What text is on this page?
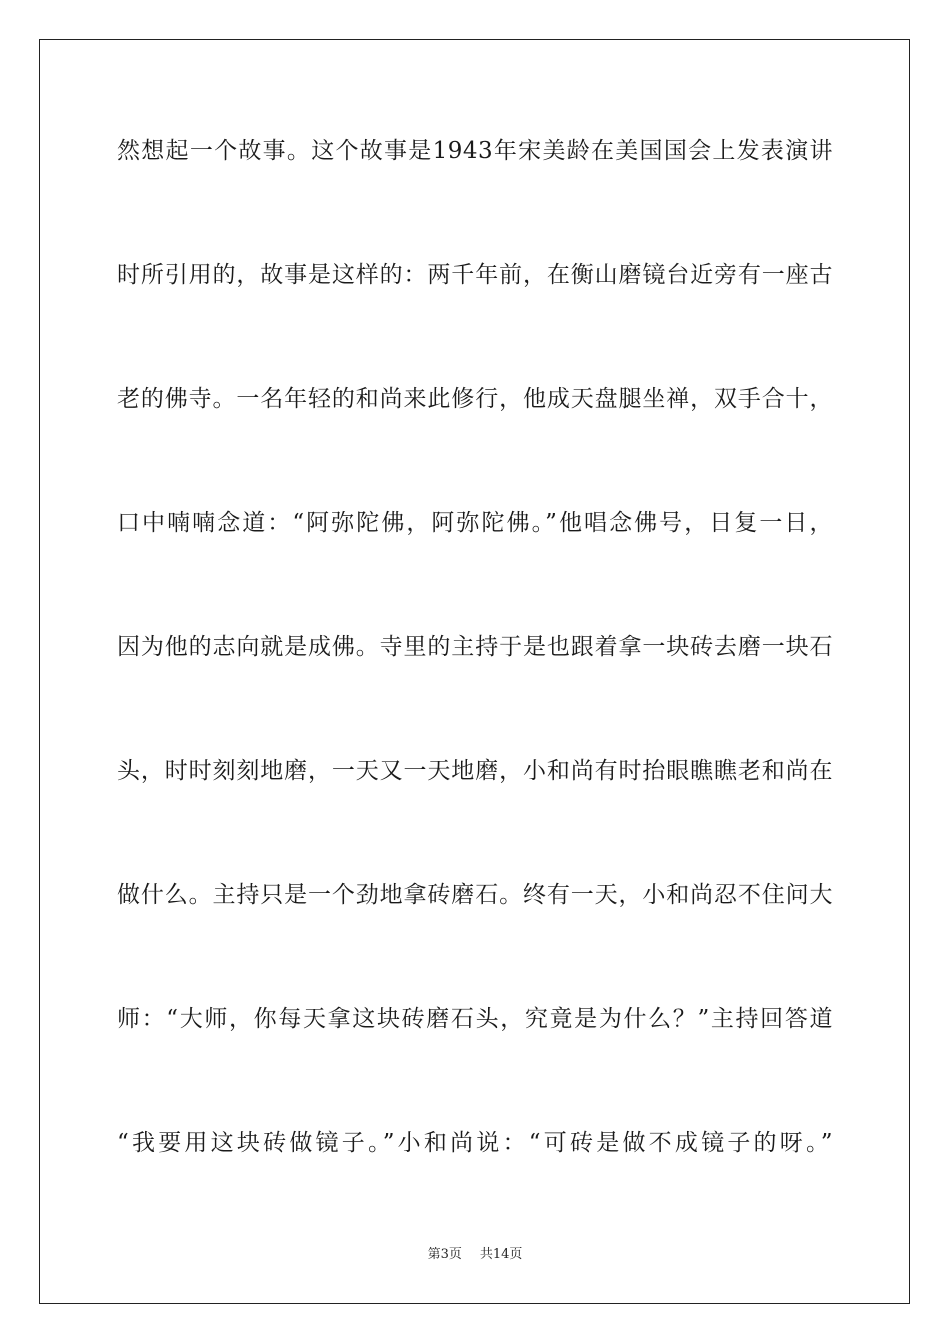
然想起一个故事。这个故事是1943年宋美龄在美国国会上发表演讲
时所引用的，故事是这样的：两千年前，在衡山磨镜台近旁有一座古
老的佛寺。一名年轻的和尚来此修行，他成天盘腿坐禅，双手合十，
口中喃喃念道：“阿弥陀佛，阿弥陀佛。”他唱念佛号，日复一日，
因为他的志向就是成佛。寺里的主持于是也跟着拿一块砖去磨一块石
头，时时刻刻地磨，一天又一天地磨，小和尚有时抬眼瞧瞧老和尚在
做什么。主持只是一个劲地拿砖磨石。终有一天，小和尚忍不住问大
师：“大师，你每天拿这块砖磨石头，究竟是为什么？”主持回答道
“我要用这块砖做镜子。”小和尚说：“可砖是做不成镜子的呀。”
第3页 共14页
